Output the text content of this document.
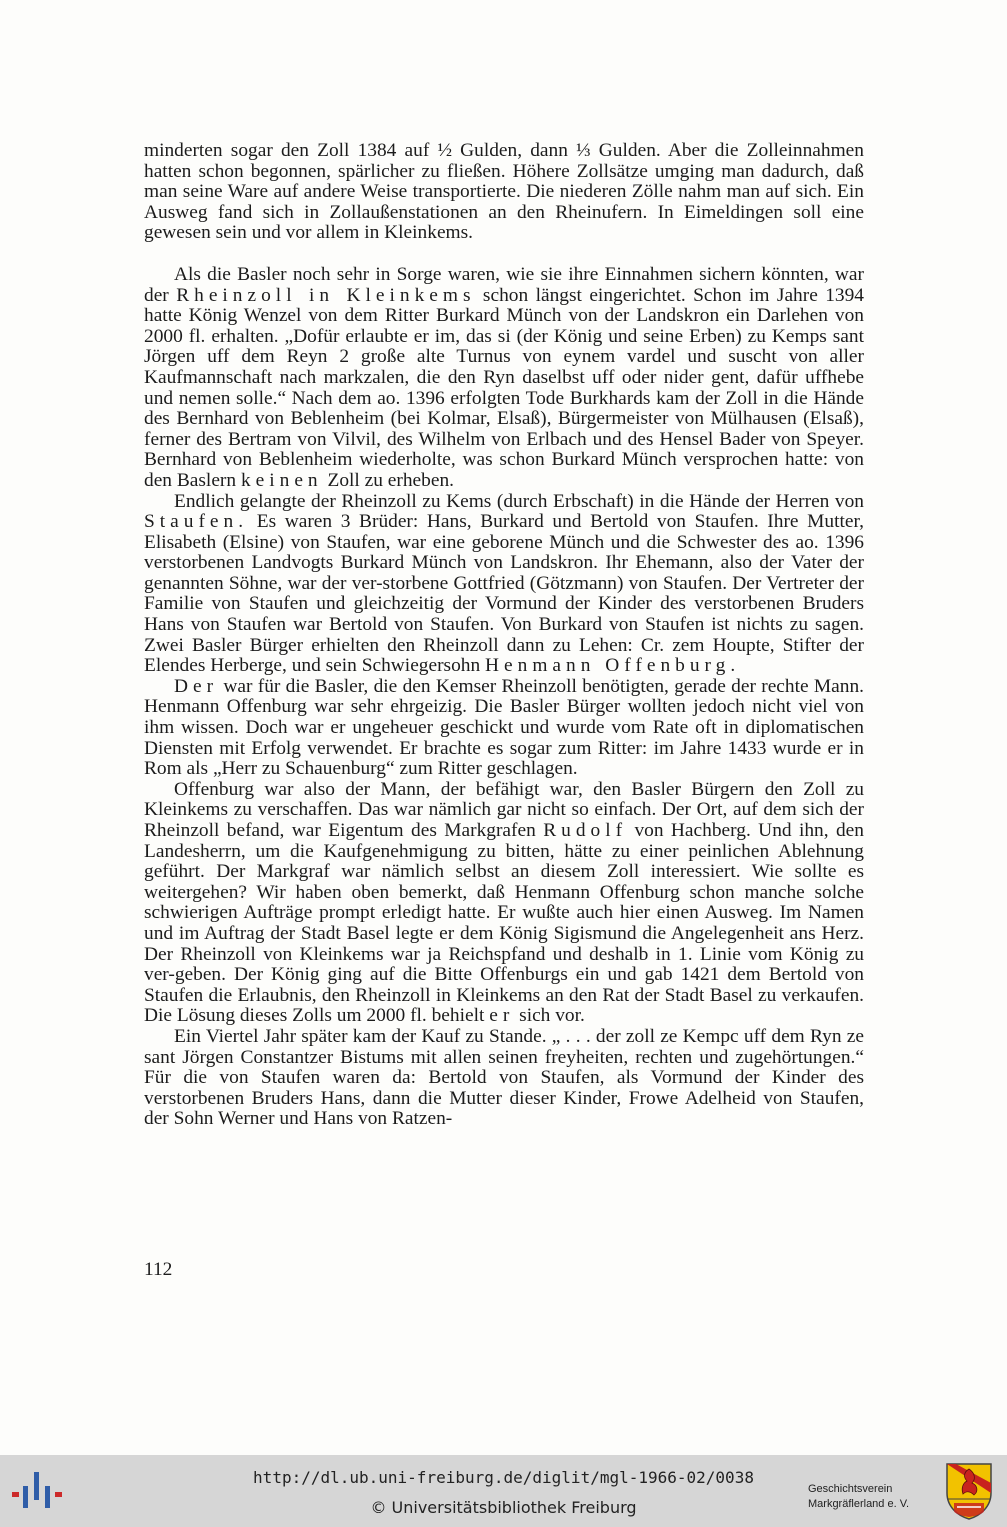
minderten sogar den Zoll 1384 auf ½ Gulden, dann ⅓ Gulden. Aber die Zolleinnahmen hatten schon begonnen, spärlicher zu fließen. Höhere Zollsätze umging man dadurch, daß man seine Ware auf andere Weise transportierte. Die niederen Zölle nahm man auf sich. Ein Ausweg fand sich in Zollaußenstationen an den Rheinufern. In Eimeldingen soll eine gewesen sein und vor allem in Kleinkems.

Als die Basler noch sehr in Sorge waren, wie sie ihre Einnahmen sichern könnten, war der Rheinzoll in Kleinkems schon längst eingerichtet. Schon im Jahre 1394 hatte König Wenzel von dem Ritter Burkard Münch von der Landskron ein Darlehen von 2000 fl. erhalten. „Dofür erlaubte er im, das si (der König und seine Erben) zu Kemps sant Jörgen uff dem Reyn 2 große alte Turnus von eynem vardel und suscht von aller Kaufmannschaft nach markzalen, die den Ryn daselbst uff oder nider gent, dafür uffhebe und nemen solle.“ Nach dem ao. 1396 erfolgten Tode Burkhards kam der Zoll in die Hände des Bernhard von Beblenheim (bei Kolmar, Elsaß), Bürgermeister von Mülhausen (Elsaß), ferner des Bertram von Vilvil, des Wilhelm von Erlbach und des Hensel Bader von Speyer. Bernhard von Beblenheim wiederholte, was schon Burkard Münch versprochen hatte: von den Baslern keinen Zoll zu erheben.

Endlich gelangte der Rheinzoll zu Kems (durch Erbschaft) in die Hände der Herren von Staufen. Es waren 3 Brüder: Hans, Burkard und Bertold von Staufen. Ihre Mutter, Elisabeth (Elsine) von Staufen, war eine geborene Münch und die Schwester des ao. 1396 verstorbenen Landvogts Burkard Münch von Landskron. Ihr Ehemann, also der Vater der genannten Söhne, war der ver-storbene Gottfried (Götzmann) von Staufen. Der Vertreter der Familie von Staufen und gleichzeitig der Vormund der Kinder des verstorbenen Bruders Hans von Staufen war Bertold von Staufen. Von Burkard von Staufen ist nichts zu sagen. Zwei Basler Bürger erhielten den Rheinzoll dann zu Lehen: Cr. zem Houpte, Stifter der Elendes Herberge, und sein Schwiegersohn Henmann Offenburg.

Der war für die Basler, die den Kemser Rheinzoll benötigten, gerade der rechte Mann. Henmann Offenburg war sehr ehrgeizig. Die Basler Bürger wollten jedoch nicht viel von ihm wissen. Doch war er ungeheuer geschickt und wurde vom Rate oft in diplomatischen Diensten mit Erfolg verwendet. Er brachte es sogar zum Ritter: im Jahre 1433 wurde er in Rom als „Herr zu Schauenburg“ zum Ritter geschlagen.

Offenburg war also der Mann, der befähigt war, den Basler Bürgern den Zoll zu Kleinkems zu verschaffen. Das war nämlich gar nicht so einfach. Der Ort, auf dem sich der Rheinzoll befand, war Eigentum des Markgrafen Rudolf von Hachberg. Und ihn, den Landesherrn, um die Kaufgenehmigung zu bitten, hätte zu einer peinlichen Ablehnung geführt. Der Markgraf war nämlich selbst an diesem Zoll interessiert. Wie sollte es weitergehen? Wir haben oben bemerkt, daß Henmann Offenburg schon manche solche schwierigen Aufträge prompt erledigt hatte. Er wußte auch hier einen Ausweg. Im Namen und im Auftrag der Stadt Basel legte er dem König Sigismund die Angelegenheit ans Herz. Der Rheinzoll von Kleinkems war ja Reichspfand und deshalb in 1. Linie vom König zu ver-geben. Der König ging auf die Bitte Offenburgs ein und gab 1421 dem Bertold von Staufen die Erlaubnis, den Rheinzoll in Kleinkems an den Rat der Stadt Basel zu verkaufen. Die Lösung dieses Zolls um 2000 fl. behielt er sich vor.

Ein Viertel Jahr später kam der Kauf zu Stande. „ . . . der zoll ze Kempc uff dem Ryn ze sant Jörgen Constantzer Bistums mit allen seinen freyheiten, rechten und zugehörtungen.“ Für die von Staufen waren da: Bertold von Staufen, als Vormund der Kinder des verstorbenen Bruders Hans, dann die Mutter dieser Kinder, Frowe Adelheid von Staufen, der Sohn Werner und Hans von Ratzen-

112
http://dl.ub.uni-freiburg.de/diglit/mgl-1966-02/0038
© Universitätsbibliothek Freiburg
Geschichtsverein
Markgräflerland e. V.
